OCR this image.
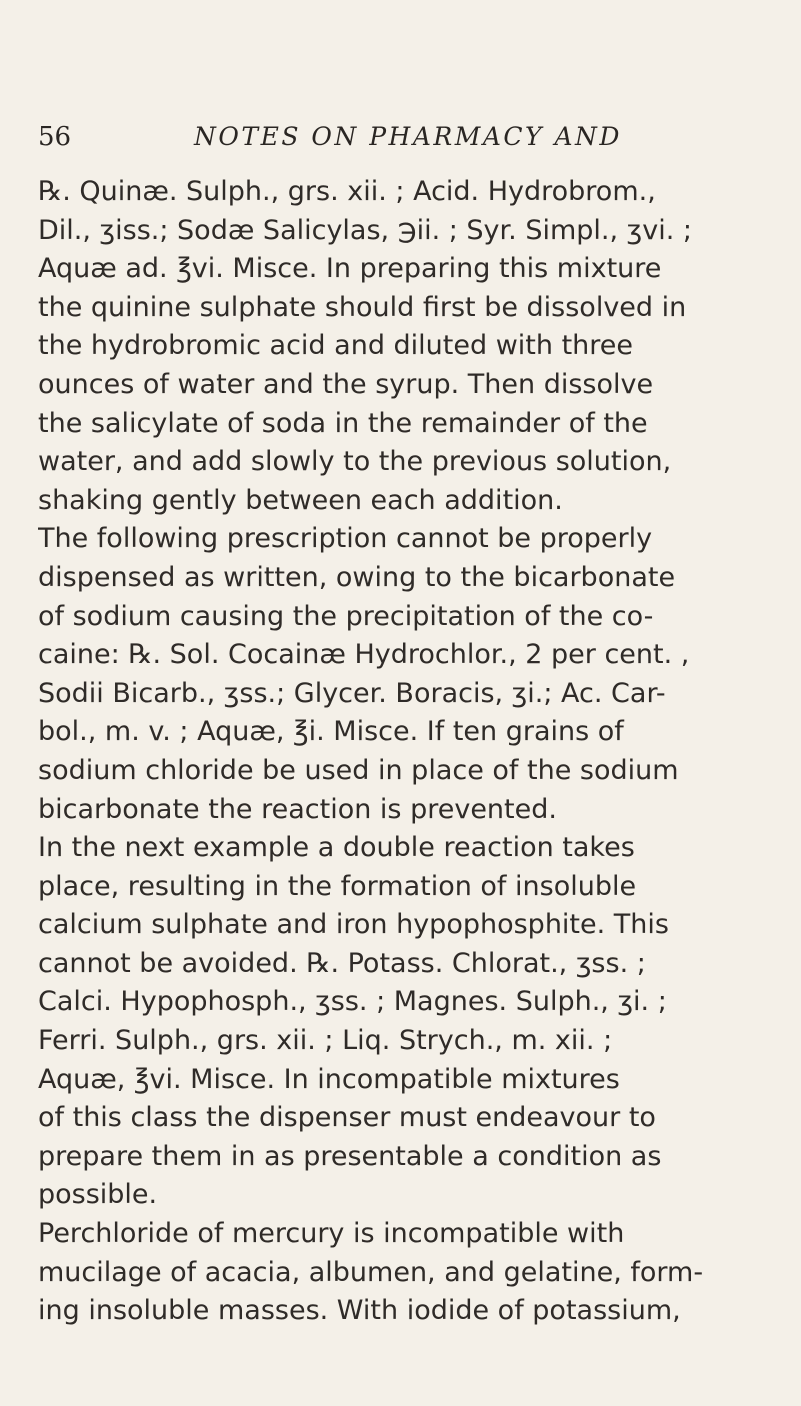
56	NOTES ON PHARMACY AND
℞. Quinæ. Sulph., grs. xii. ; Acid. Hydrobrom.,
Dil., ʒiss.; Sodæ Salicylas, ℈ii. ; Syr. Simpl., ʒvi. ;
Aquæ ad. ℥vi. Misce. In preparing this mixture
the quinine sulphate should first be dissolved in
the hydrobromic acid and diluted with three
ounces of water and the syrup. Then dissolve
the salicylate of soda in the remainder of the
water, and add slowly to the previous solution,
shaking gently between each addition.
The following prescription cannot be properly
dispensed as written, owing to the bicarbonate
of sodium causing the precipitation of the co-
caine: ℞. Sol. Cocainæ Hydrochlor., 2 per cent. ,
Sodii Bicarb., ʒss.; Glycer. Boracis, ʒi.; Ac. Car-
bol., m. v. ; Aquæ, ℥i. Misce. If ten grains of
sodium chloride be used in place of the sodium
bicarbonate the reaction is prevented.
In the next example a double reaction takes
place, resulting in the formation of insoluble
calcium sulphate and iron hypophosphite. This
cannot be avoided. ℞. Potass. Chlorat., ʒss. ;
Calci. Hypophosph., ʒss. ; Magnes. Sulph., ʒi. ;
Ferri. Sulph., grs. xii. ; Liq. Strych., m. xii. ;
Aquæ, ℥vi. Misce. In incompatible mixtures
of this class the dispenser must endeavour to
prepare them in as presentable a condition as
possible.
Perchloride of mercury is incompatible with
mucilage of acacia, albumen, and gelatine, form-
ing insoluble masses. With iodide of potassium,
